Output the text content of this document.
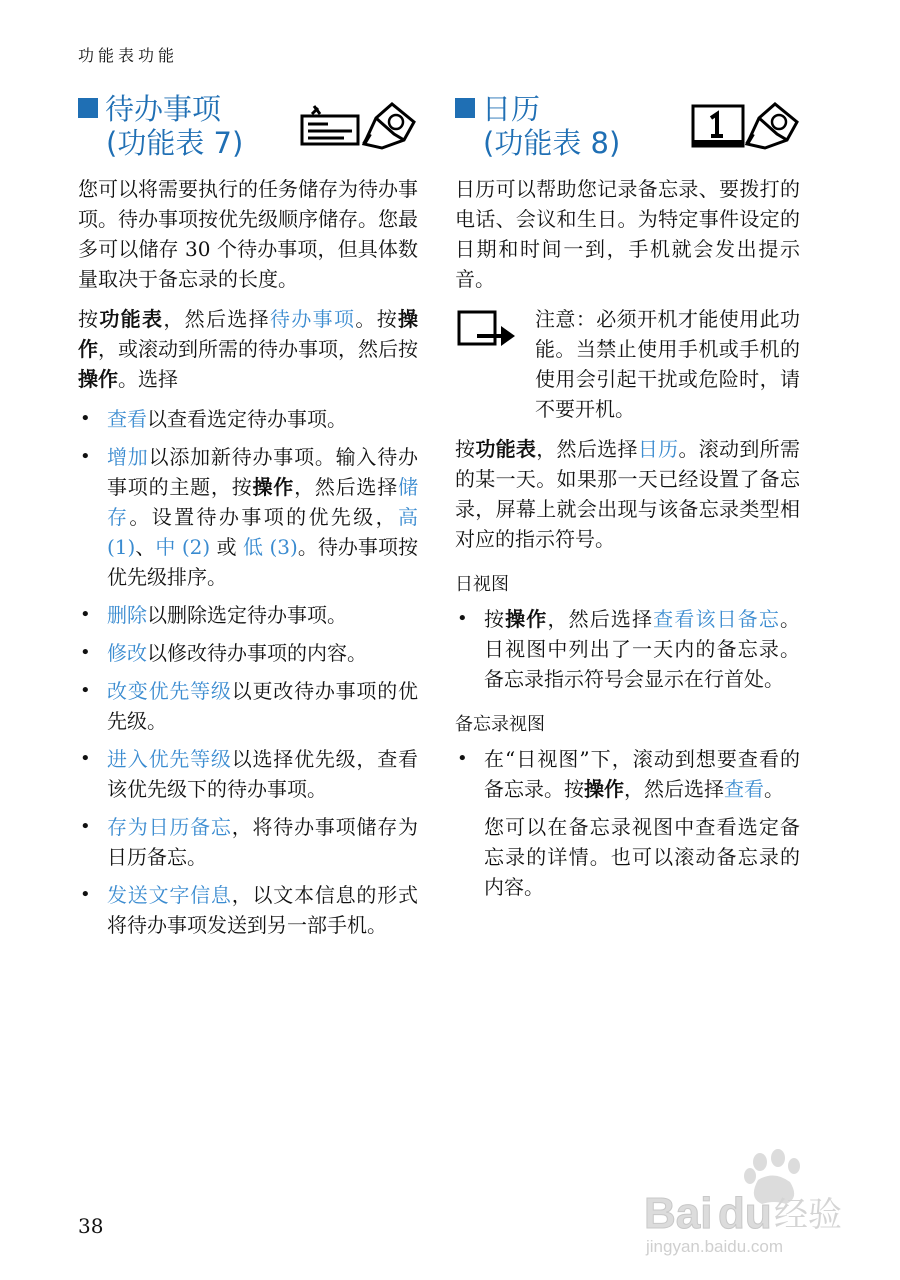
功能表功能
待办事项
(功能表 7)

您可以将需要执行的任务储存为待办事项。待办事项按优先级顺序储存。您最多可以储存 30 个待办事项，但具体数量取决于备忘录的长度。

按功能表，然后选择待办事项。按操作，或滚动到所需的待办事项，然后按操作。选择

• 查看以查看选定待办事项。
• 增加以添加新待办事项。输入待办事项的主题，按操作，然后选择储存。设置待办事项的优先级，高 (1)、中 (2) 或 低 (3)。待办事项按优先级排序。
• 删除以删除选定待办事项。
• 修改以修改待办事项的内容。
• 改变优先等级以更改待办事项的优先级。
• 进入优先等级以选择优先级，查看该优先级下的待办事项。
• 存为日历备忘，将待办事项储存为日历备忘。
• 发送文字信息，以文本信息的形式将待办事项发送到另一部手机。
日历
(功能表 8)

日历可以帮助您记录备忘录、要拨打的电话、会议和生日。为特定事件设定的日期和时间一到，手机就会发出提示音。

注意：必须开机才能使用此功能。当禁止使用手机或手机的使用会引起干扰或危险时，请不要开机。

按功能表，然后选择日历。滚动到所需的某一天。如果那一天已经设置了备忘录，屏幕上就会出现与该备忘录类型相对应的指示符号。

日视图
• 按操作，然后选择查看该日备忘。日视图中列出了一天内的备忘录。备忘录指示符号会显示在行首处。
备忘录视图
• 在“日视图”下，滚动到想要查看的备忘录。按操作，然后选择查看。

您可以在备忘录视图中查看选定备忘录的详情。也可以滚动备忘录的内容。

38	Bai du 经验
jingyan.baidu.com
